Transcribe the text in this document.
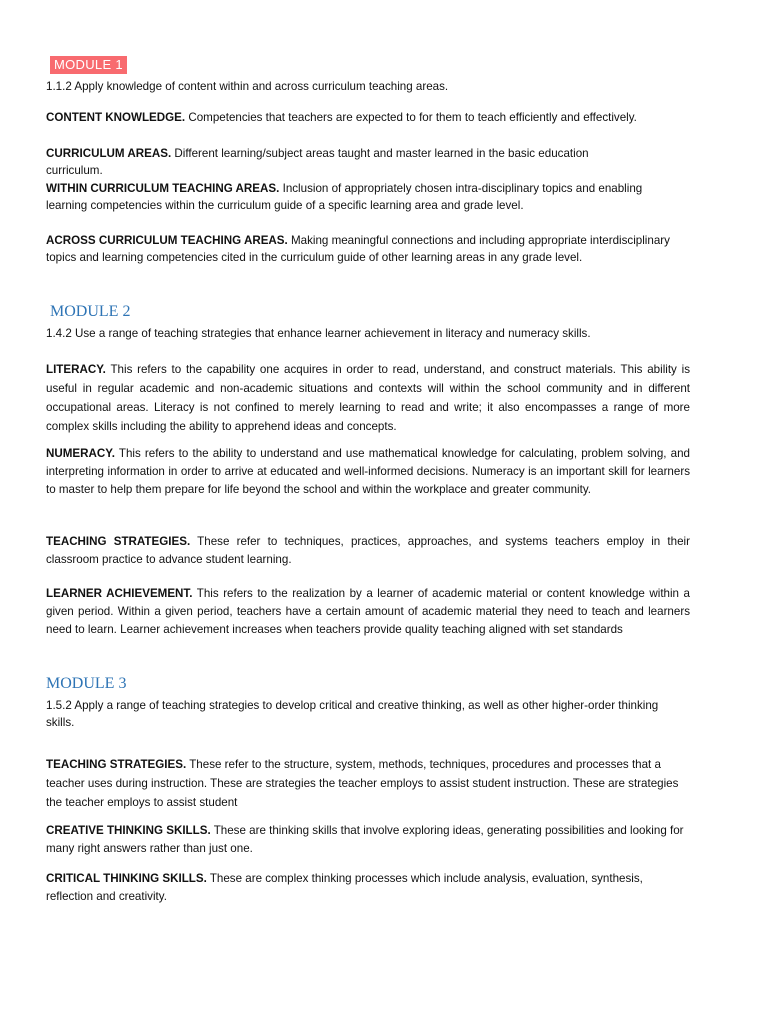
MODULE 1
1.1.2 Apply knowledge of content within and across curriculum teaching areas.
CONTENT KNOWLEDGE. Competencies that teachers are expected to for them to teach efficiently and effectively.
CURRICULUM AREAS. Different learning/subject areas taught and master learned in the basic education curriculum.
WITHIN CURRICULUM TEACHING AREAS. Inclusion of appropriately chosen intra-disciplinary topics and enabling learning competencies within the curriculum guide of a specific learning area and grade level.
ACROSS CURRICULUM TEACHING AREAS. Making meaningful connections and including appropriate interdisciplinary topics and learning competencies cited in the curriculum guide of other learning areas in any grade level.
MODULE 2
1.4.2 Use a range of teaching strategies that enhance learner achievement in literacy and numeracy skills.
LITERACY. This refers to the capability one acquires in order to read, understand, and construct materials. This ability is useful in regular academic and non-academic situations and contexts will within the school community and in different occupational areas. Literacy is not confined to merely learning to read and write; it also encompasses a range of more complex skills including the ability to apprehend ideas and concepts.
NUMERACY. This refers to the ability to understand and use mathematical knowledge for calculating, problem solving, and interpreting information in order to arrive at educated and well-informed decisions. Numeracy is an important skill for learners to master to help them prepare for life beyond the school and within the workplace and greater community.
TEACHING STRATEGIES. These refer to techniques, practices, approaches, and systems teachers employ in their classroom practice to advance student learning.
LEARNER ACHIEVEMENT. This refers to the realization by a learner of academic material or content knowledge within a given period. Within a given period, teachers have a certain amount of academic material they need to teach and learners need to learn. Learner achievement increases when teachers provide quality teaching aligned with set standards
MODULE 3
1.5.2 Apply a range of teaching strategies to develop critical and creative thinking, as well as other higher-order thinking skills.
TEACHING STRATEGIES. These refer to the structure, system, methods, techniques, procedures and processes that a teacher uses during instruction. These are strategies the teacher employs to assist student instruction. These are strategies the teacher employs to assist student
CREATIVE THINKING SKILLS. These are thinking skills that involve exploring ideas, generating possibilities and looking for many right answers rather than just one.
CRITICAL THINKING SKILLS. These are complex thinking processes which include analysis, evaluation, synthesis, reflection and creativity.
